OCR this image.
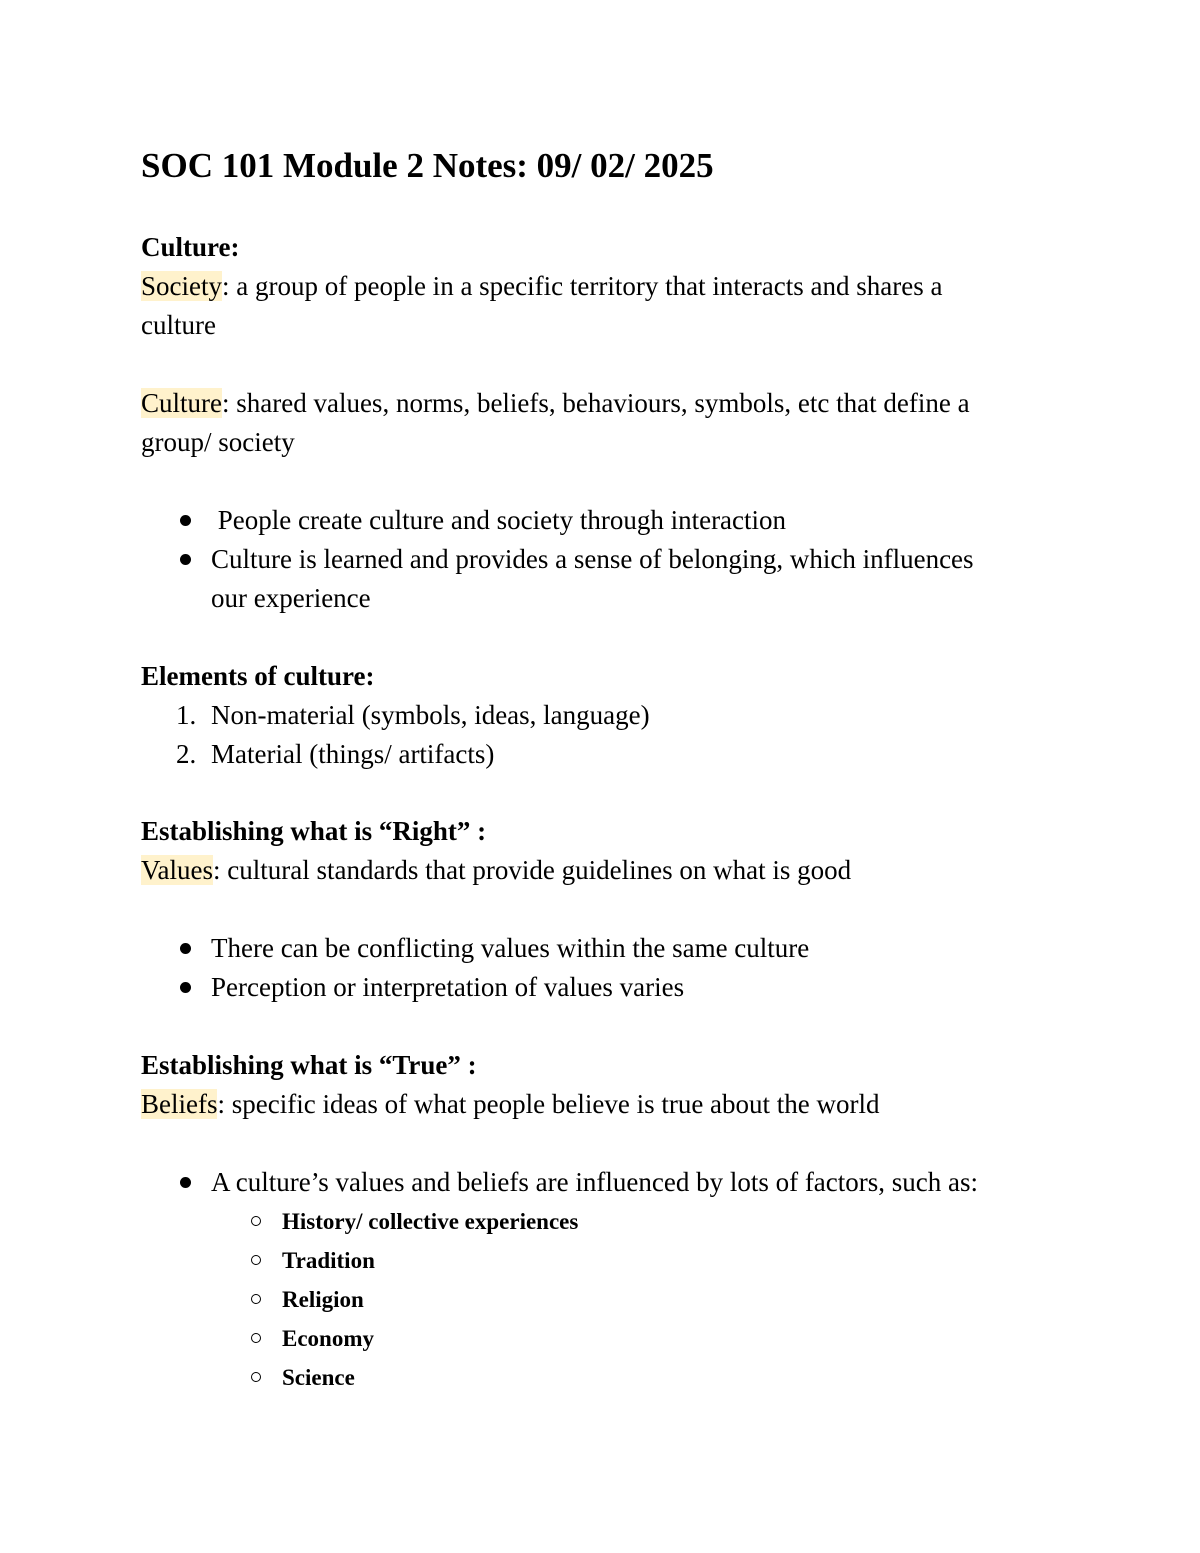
SOC 101 Module 2 Notes: 09/ 02/ 2025
Culture:
Society: a group of people in a specific territory that interacts and shares a
culture
Culture: shared values, norms, beliefs, behaviours, symbols, etc that define a
group/ society
People create culture and society through interaction
Culture is learned and provides a sense of belonging, which influences
our experience
Elements of culture:
1. Non-material (symbols, ideas, language)
2. Material (things/ artifacts)
Establishing what is “Right” :
Values: cultural standards that provide guidelines on what is good
There can be conflicting values within the same culture
Perception or interpretation of values varies
Establishing what is “True” :
Beliefs: specific ideas of what people believe is true about the world
A culture’s values and beliefs are influenced by lots of factors, such as:
History/ collective experiences
Tradition
Religion
Economy
Science
